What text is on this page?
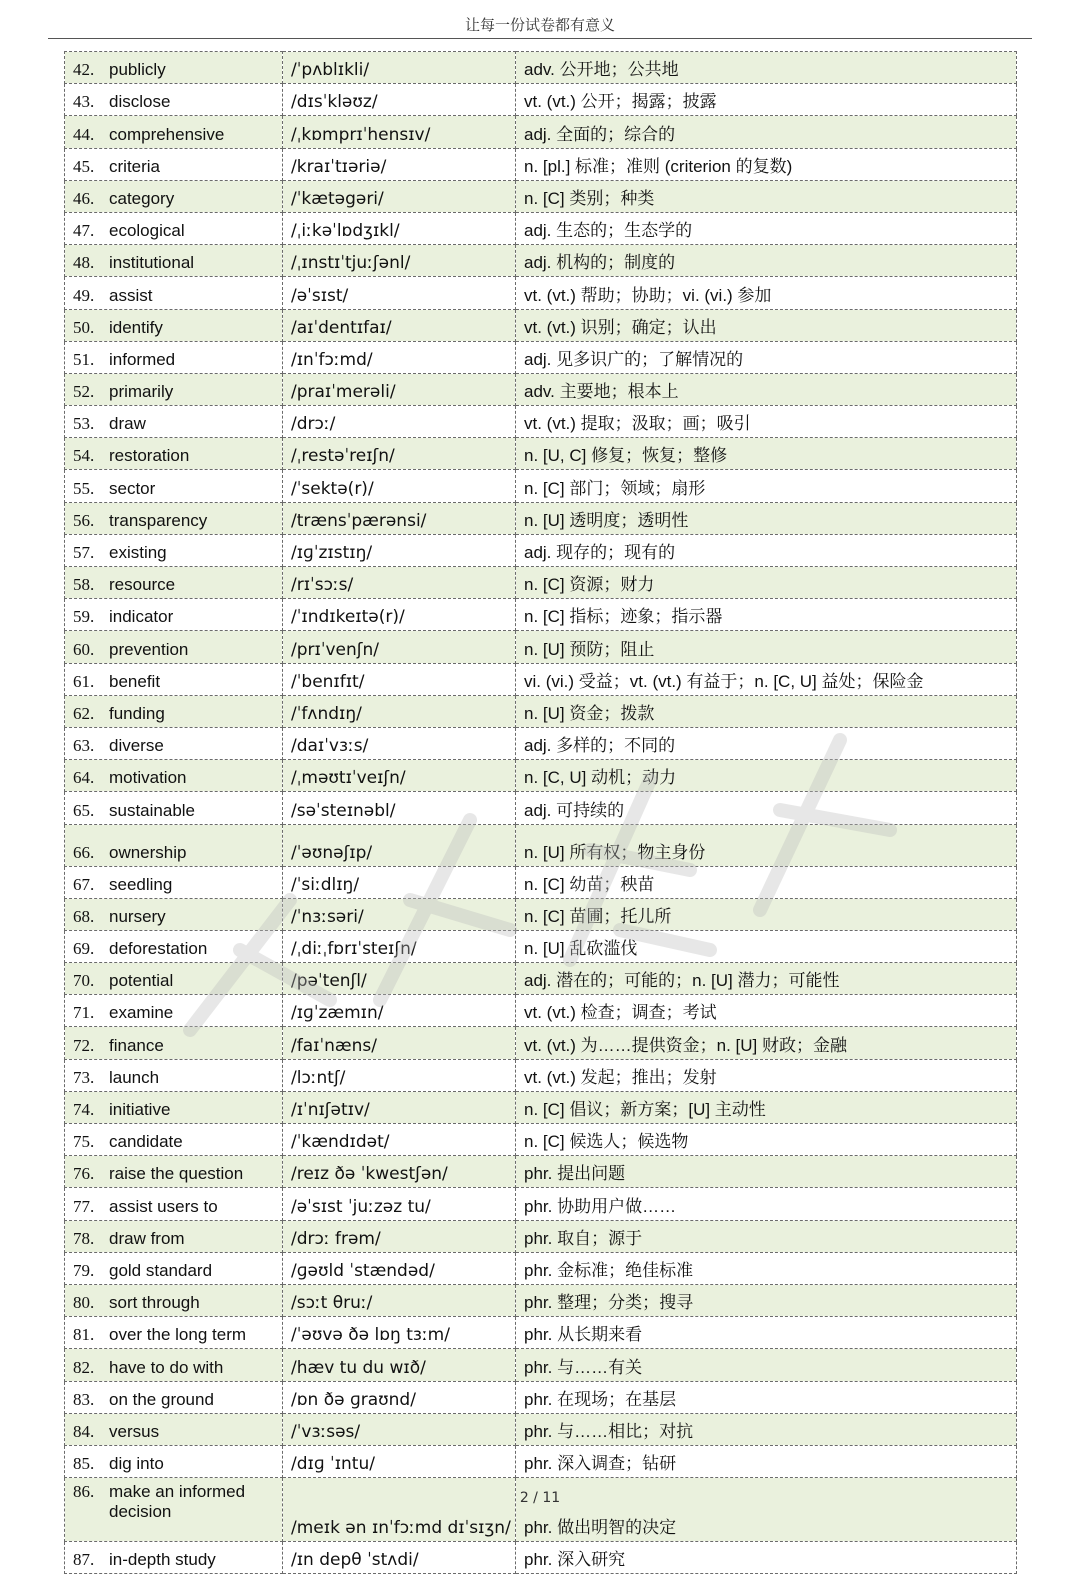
让每一份试卷都有意义
42. publicly	/ˈpʌblɪkli/	adv. 公开地；公共地
43. disclose	/dɪsˈkləʊz/	vt. (vt.) 公开；揭露；披露
44. comprehensive	/ˌkɒmprɪˈhensɪv/	adj. 全面的；综合的
45. criteria	/kraɪˈtɪəriə/	n. [pl.] 标准；准则 (criterion 的复数)
46. category	/ˈkætəgəri/	n. [C] 类别；种类
47. ecological	/ˌiːkəˈlɒdʒɪkl/	adj. 生态的；生态学的
48. institutional	/ˌɪnstɪˈtjuːʃənl/	adj. 机构的；制度的
49. assist	/əˈsɪst/	vt. (vt.) 帮助；协助；vi. (vi.) 参加
50. identify	/aɪˈdentɪfaɪ/	vt. (vt.) 识别；确定；认出
51. informed	/ɪnˈfɔːmd/	adj. 见多识广的；了解情况的
52. primarily	/praɪˈmerəli/	adv. 主要地；根本上
53. draw	/drɔː/	vt. (vt.) 提取；汲取；画；吸引
54. restoration	/ˌrestəˈreɪʃn/	n. [U, C] 修复；恢复；整修
55. sector	/ˈsektə(r)/	n. [C] 部门；领域；扇形
56. transparency	/trænsˈpærənsi/	n. [U] 透明度；透明性
57. existing	/ɪɡˈzɪstɪŋ/	adj. 现存的；现有的
58. resource	/rɪˈsɔːs/	n. [C] 资源；财力
59. indicator	/ˈɪndɪkeɪtə(r)/	n. [C] 指标；迹象；指示器
60. prevention	/prɪˈvenʃn/	n. [U] 预防；阻止
61. benefit	/ˈbenɪfɪt/	vi. (vi.) 受益；vt. (vt.) 有益于；n. [C, U] 益处；保险金
62. funding	/ˈfʌndɪŋ/	n. [U] 资金；拨款
63. diverse	/daɪˈvɜːs/	adj. 多样的；不同的
64. motivation	/ˌməʊtɪˈveɪʃn/	n. [C, U] 动机；动力
65. sustainable	/səˈsteɪnəbl/	adj. 可持续的
66. ownership	/ˈəʊnəʃɪp/	n. [U] 所有权；物主身份
67. seedling	/ˈsiːdlɪŋ/	n. [C] 幼苗；秧苗
68. nursery	/ˈnɜːsəri/	n. [C] 苗圃；托儿所
69. deforestation	/ˌdiːˌfɒrɪˈsteɪʃn/	n. [U] 乱砍滥伐
70. potential	/pəˈtenʃl/	adj. 潜在的；可能的；n. [U] 潜力；可能性
71. examine	/ɪɡˈzæmɪn/	vt. (vt.) 检查；调查；考试
72. finance	/faɪˈnæns/	vt. (vt.) 为……提供资金；n. [U] 财政；金融
73. launch	/lɔːntʃ/	vt. (vt.) 发起；推出；发射
74. initiative	/ɪˈnɪʃətɪv/	n. [C] 倡议；新方案；[U] 主动性
75. candidate	/ˈkændɪdət/	n. [C] 候选人；候选物
76. raise the question	/reɪz ðə ˈkwestʃən/	phr. 提出问题
77. assist users to	/əˈsɪst ˈjuːzəz tu/	phr. 协助用户做……
78. draw from	/drɔː frəm/	phr. 取自；源于
79. gold standard	/ɡəʊld ˈstændəd/	phr. 金标准；绝佳标准
80. sort through	/sɔːt θruː/	phr. 整理；分类；搜寻
81. over the long term	/ˈəʊvə ðə lɒŋ tɜːm/	phr. 从长期来看
82. have to do with	/hæv tu du wɪð/	phr. 与……有关
83. on the ground	/ɒn ðə ɡraʊnd/	phr. 在现场；在基层
84. versus	/ˈvɜːsəs/	phr. 与……相比；对抗
85. dig into	/dɪɡ ˈɪntu/	phr. 深入调查；钻研
86. make an informed decision	/meɪk ən ɪnˈfɔːmd dɪˈsɪʒn/	phr. 做出明智的决定
87. in-depth study	/ɪn depθ ˈstʌdi/	phr. 深入研究
2 / 11
